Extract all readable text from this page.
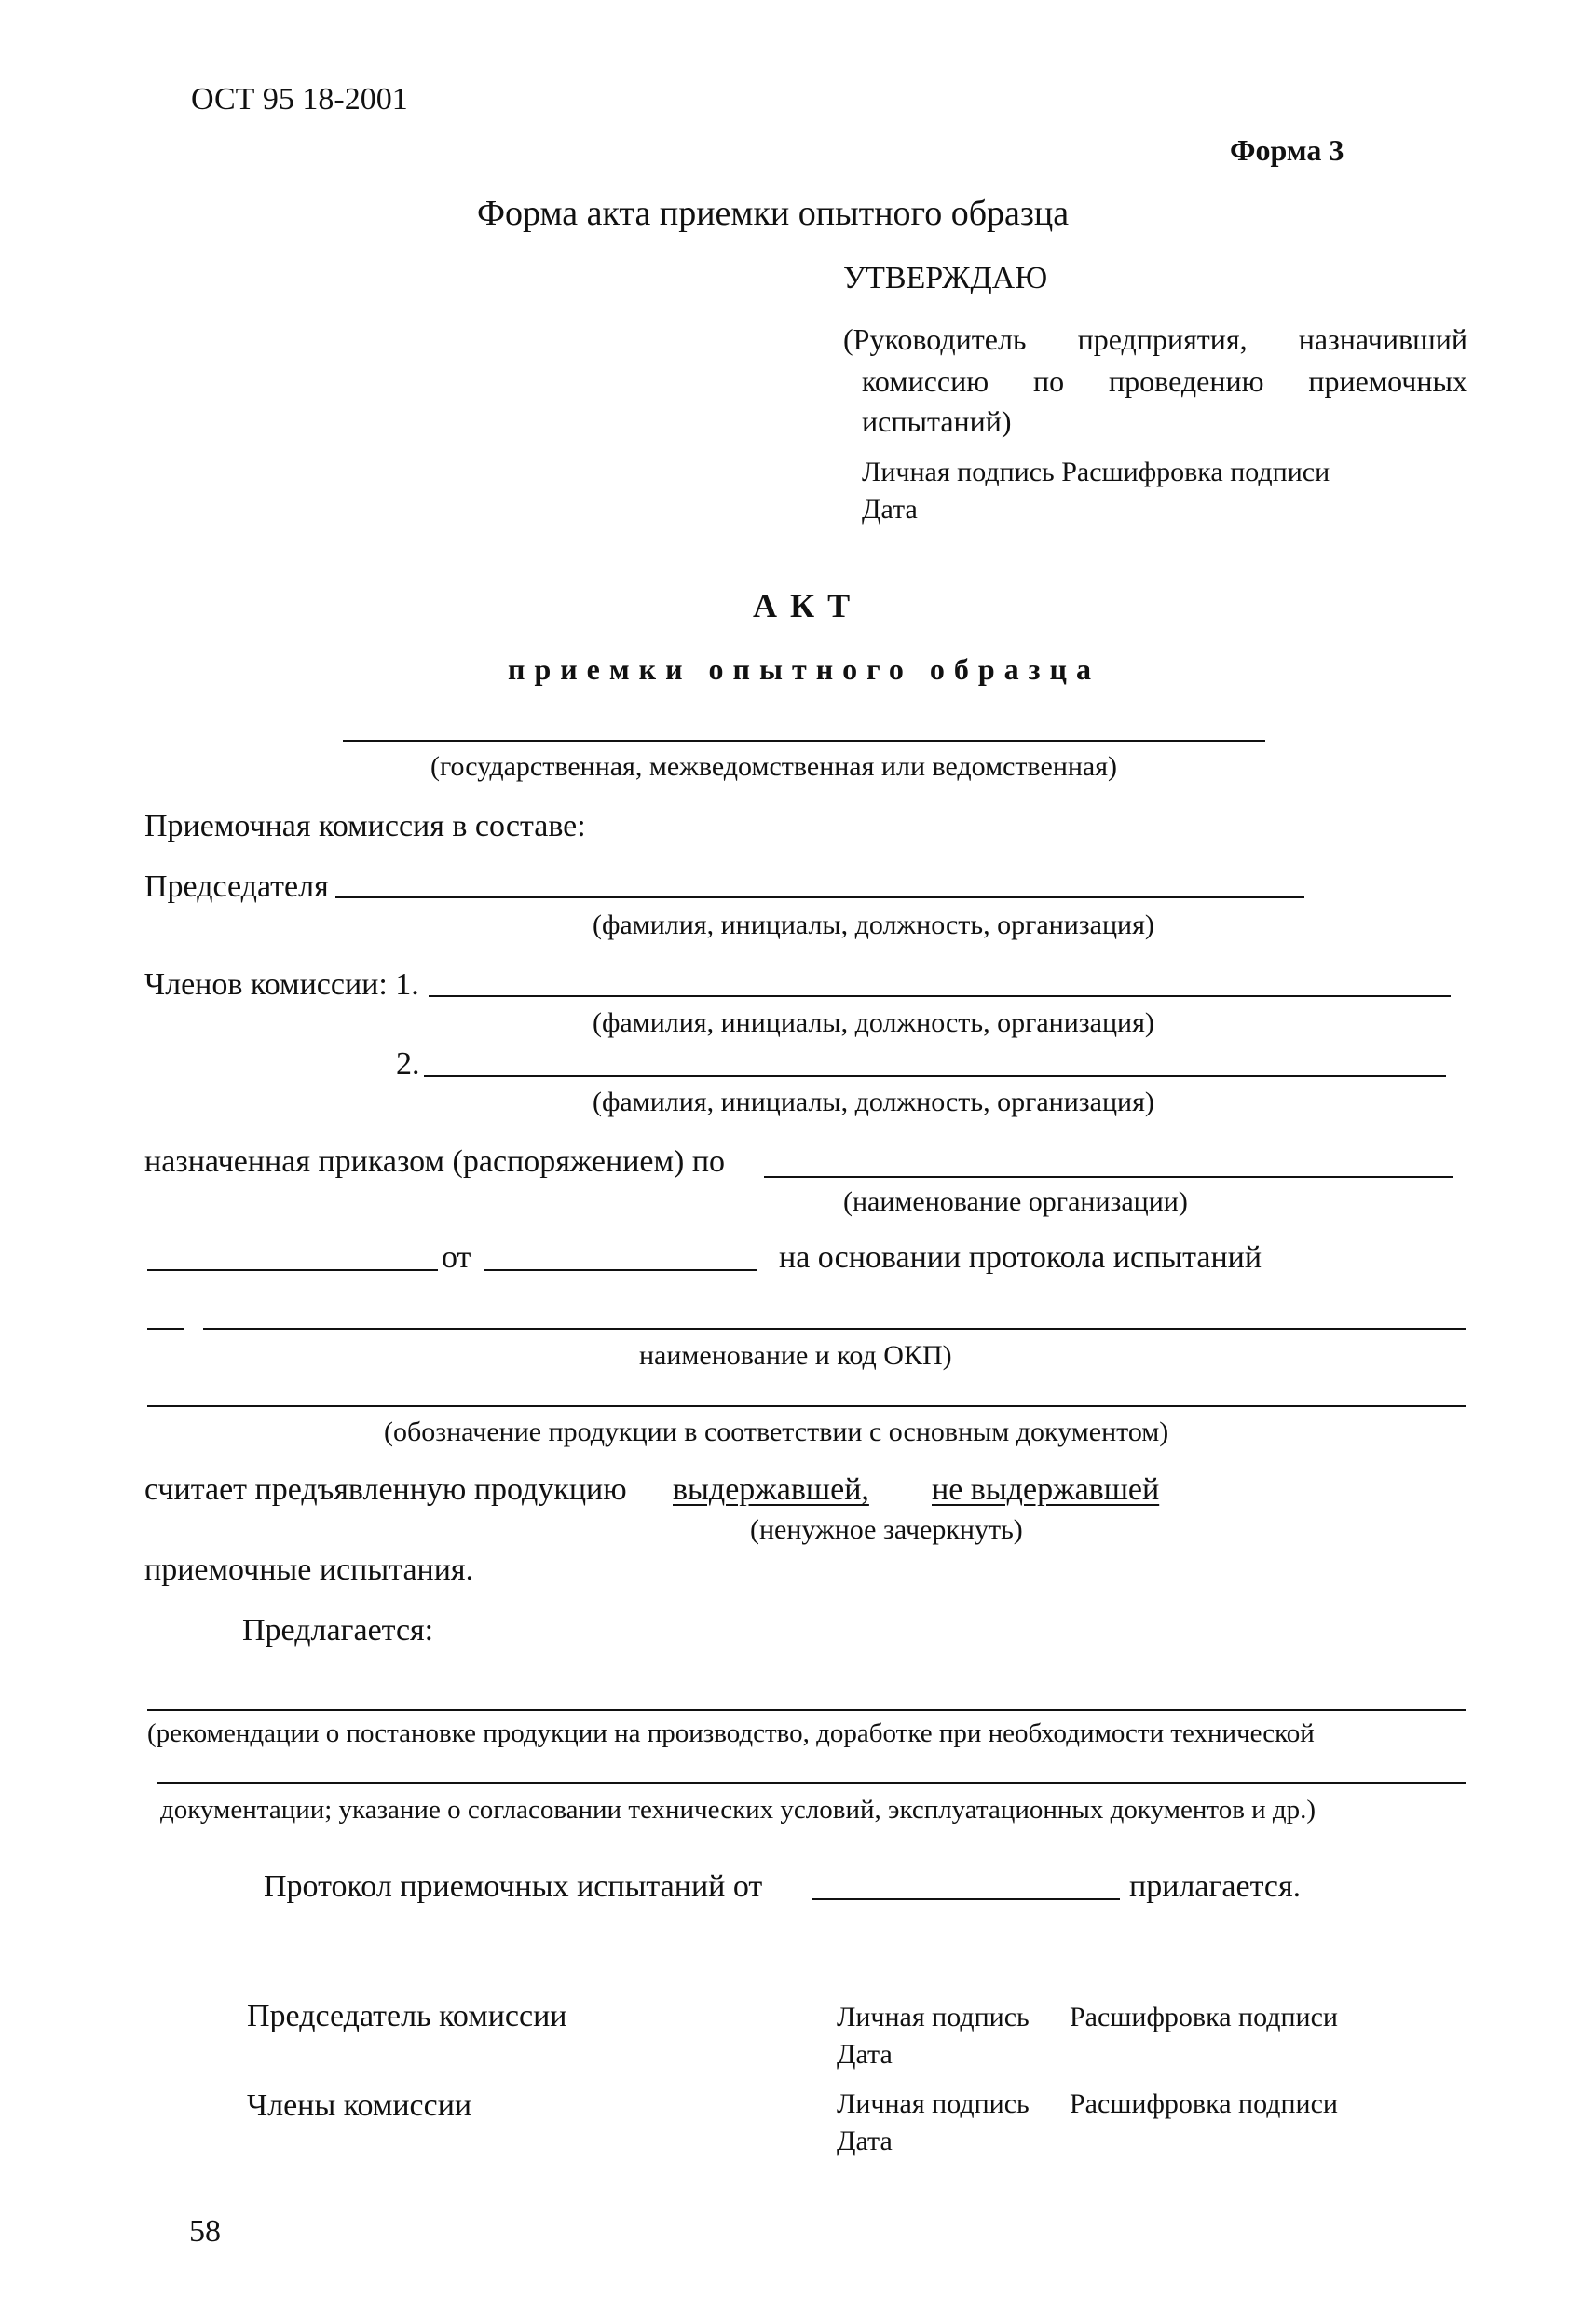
ОСТ 95 18-2001
Форма 3
Форма акта приемки опытного образца
УТВЕРЖДАЮ
(Руководитель предприятия, назначивший
комиссию по проведению приемочных
испытаний)
Личная подпись Расшифровка подписи
Дата
АКТ
приемки опытного образца
(государственная, межведомственная или ведомственная)
Приемочная комиссия в составе:
Председателя
(фамилия, инициалы, должность, организация)
Членов комиссии: 1.
(фамилия, инициалы, должность, организация)
2.
(фамилия, инициалы, должность, организация)
назначенная приказом (распоряжением) по
(наименование организации)
от	на основании протокола испытаний
наименование и код ОКП)
(обозначение продукции в соответствии с основным документом)
считает предъявленную продукцию выдержавшей, не выдержавшей
(ненужное зачеркнуть)
приемочные испытания.
Предлагается:
(рекомендации о постановке продукции на производство, доработке при необходимости технической
документации; указание о согласовании технических условий, эксплуатационных документов и др.)
Протокол приемочных испытаний от	прилагается.
Председатель комиссии	Личная подпись Расшифровка подписи
Дата
Члены комиссии	Личная подпись Расшифровка подписи
Дата
58
